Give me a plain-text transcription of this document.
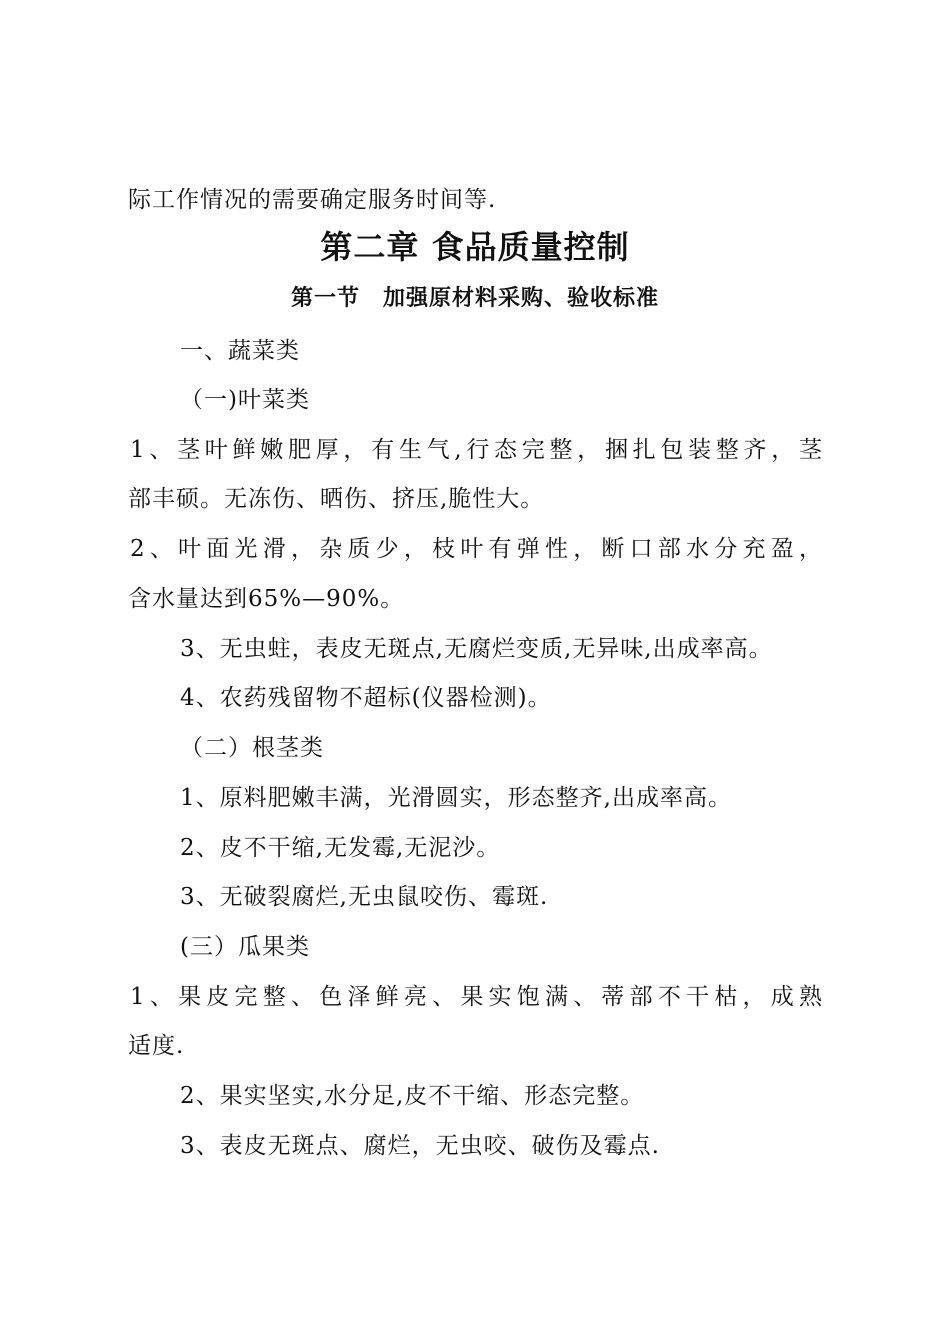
际工作情况的需要确定服务时间等.
第二章 食品质量控制
第一节　加强原材料采购、验收标准
一、蔬菜类
（一)叶菜类
1、茎叶鲜嫩肥厚，有生气,行态完整，捆扎包装整齐，茎
部丰硕。无冻伤、晒伤、挤压,脆性大。
2、叶面光滑，杂质少，枝叶有弹性，断口部水分充盈，
含水量达到65%—90%。
3、无虫蛀，表皮无斑点,无腐烂变质,无异味,出成率高。
4、农药残留物不超标(仪器检测)。
（二）根茎类
1、原料肥嫩丰满，光滑圆实，形态整齐,出成率高。
2、皮不干缩,无发霉,无泥沙。
3、无破裂腐烂,无虫鼠咬伤、霉斑.
(三）瓜果类
1、果皮完整、色泽鲜亮、果实饱满、蒂部不干枯，成熟
适度.
2、果实坚实,水分足,皮不干缩、形态完整。
3、表皮无斑点、腐烂，无虫咬、破伤及霉点.
